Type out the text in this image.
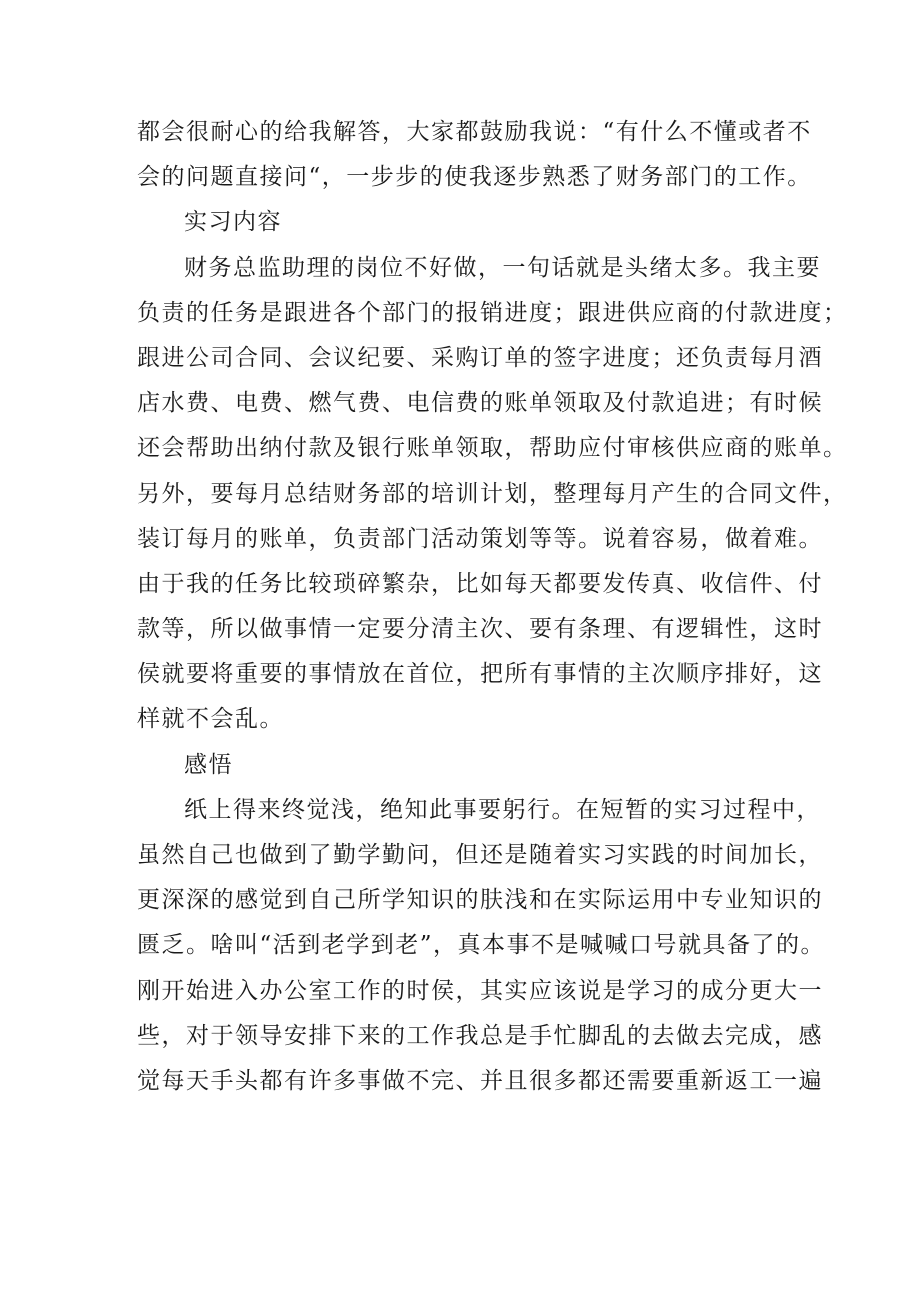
都会很耐心的给我解答，大家都鼓励我说：“有什么不懂或者不
会的问题直接问“，一步步的使我逐步熟悉了财务部门的工作。
实习内容
财务总监助理的岗位不好做，一句话就是头绪太多。我主要
负责的任务是跟进各个部门的报销进度；跟进供应商的付款进度；
跟进公司合同、会议纪要、采购订单的签字进度；还负责每月酒
店水费、电费、燃气费、电信费的账单领取及付款追进；有时候
还会帮助出纳付款及银行账单领取，帮助应付审核供应商的账单。
另外，要每月总结财务部的培训计划，整理每月产生的合同文件，
装订每月的账单，负责部门活动策划等等。说着容易，做着难。
由于我的任务比较琐碎繁杂，比如每天都要发传真、收信件、付
款等，所以做事情一定要分清主次、要有条理、有逻辑性，这时
侯就要将重要的事情放在首位，把所有事情的主次顺序排好，这
样就不会乱。
感悟
纸上得来终觉浅，绝知此事要躬行。在短暂的实习过程中，
虽然自己也做到了勤学勤问，但还是随着实习实践的时间加长，
更深深的感觉到自己所学知识的肤浅和在实际运用中专业知识的
匮乏。啥叫“活到老学到老”，真本事不是喊喊口号就具备了的。
刚开始进入办公室工作的时侯，其实应该说是学习的成分更大一
些，对于领导安排下来的工作我总是手忙脚乱的去做去完成，感
觉每天手头都有许多事做不完、并且很多都还需要重新返工一遍
